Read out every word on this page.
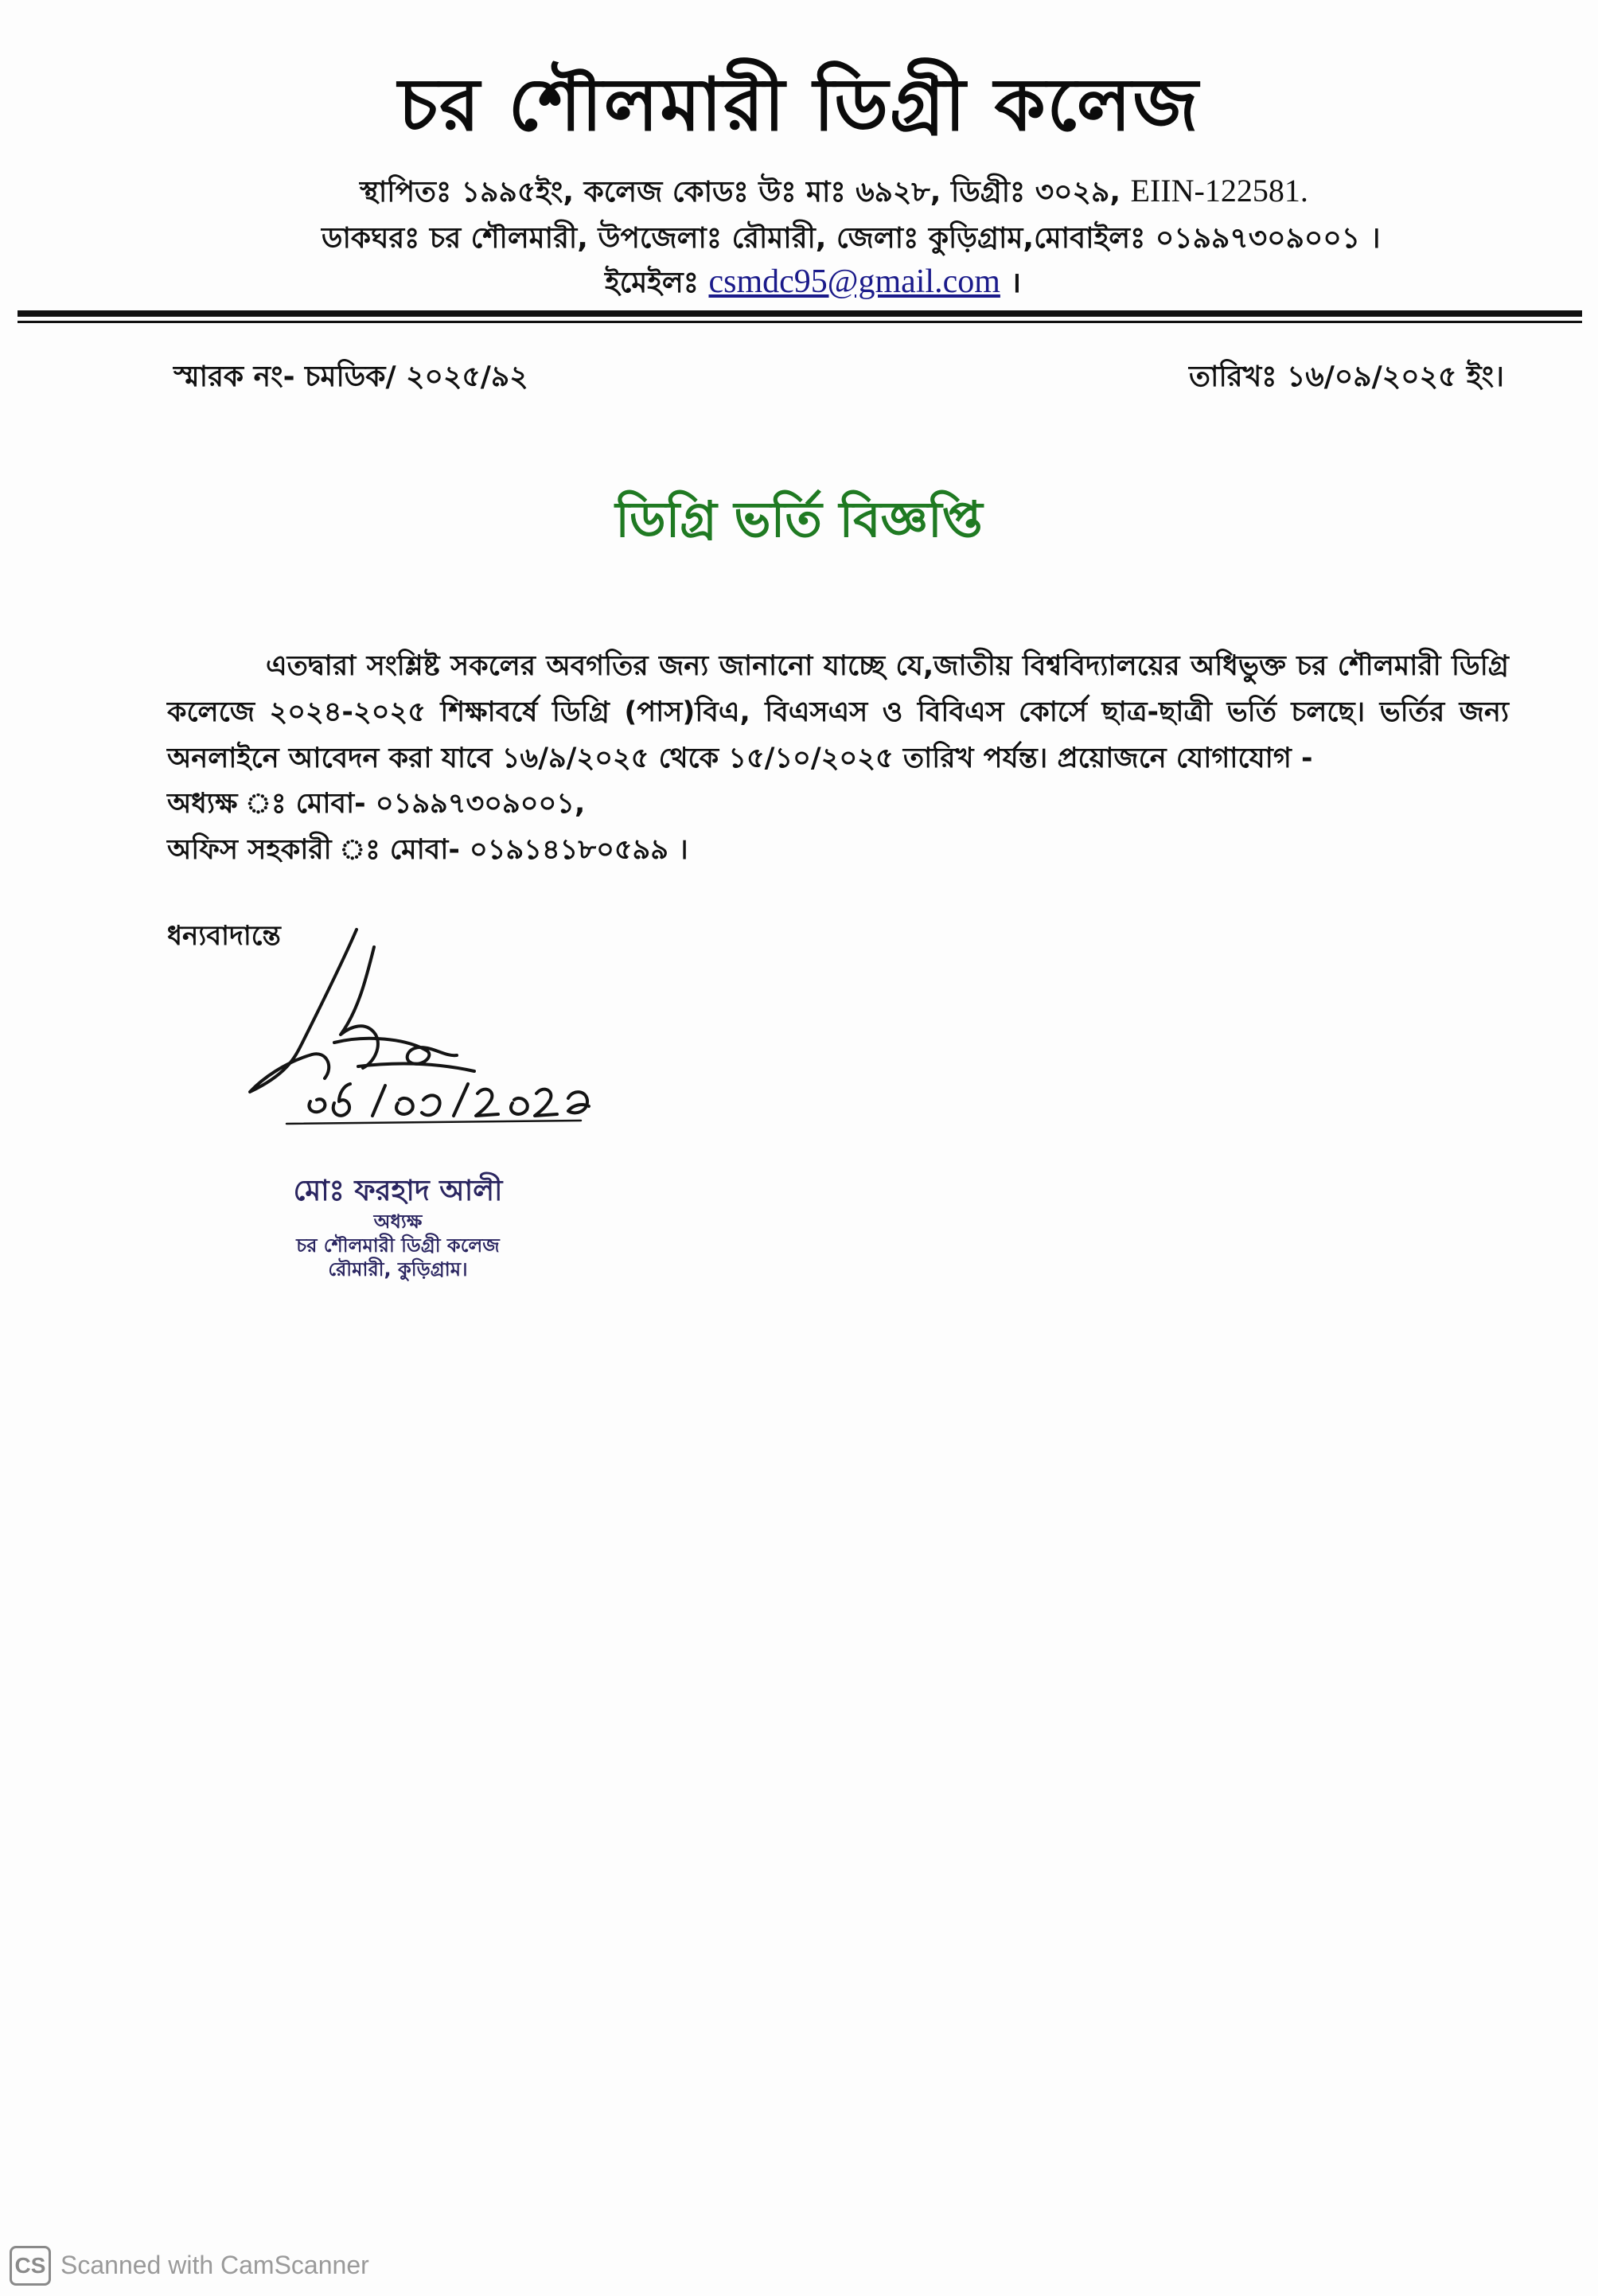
চর শৌলমারী ডিগ্রী কলেজ
স্থাপিতঃ ১৯৯৫ইং, কলেজ কোডঃ উঃ মাঃ ৬৯২৮, ডিগ্রীঃ ৩০২৯, EIIN-122581.
ডাকঘরঃ চর শৌলমারী, উপজেলাঃ রৌমারী, জেলাঃ কুড়িগ্রাম,মোবাইলঃ ০১৯৯৭৩০৯০০১ ।
ইমেইলঃ csmdc95@gmail.com ।
স্মারক নং- চমডিক/ ২০২৫/৯২	তারিখঃ ১৬/০৯/২০২৫ ইং।
ডিগ্রি ভর্তি বিজ্ঞপ্তি
এতদ্বারা সংশ্লিষ্ট সকলের অবগতির জন্য জানানো যাচ্ছে যে,জাতীয় বিশ্ববিদ্যালয়ের অধিভুক্ত চর শৌলমারী ডিগ্রি কলেজে ২০২৪-২০২৫ শিক্ষাবর্ষে ডিগ্রি (পাস)বিএ, বিএসএস ও বিবিএস কোর্সে ছাত্র-ছাত্রী ভর্তি চলছে। ভর্তির জন্য অনলাইনে আবেদন করা যাবে ১৬/৯/২০২৫ থেকে ১৫/১০/২০২৫ তারিখ পর্যন্ত। প্রয়োজনে যোগাযোগ -
অধ্যক্ষ ঃ মোবা- ০১৯৯৭৩০৯০০১,
অফিস সহকারী ঃ মোবা- ০১৯১৪১৮০৫৯৯ ।
ধন্যবাদান্তে
মোঃ ফরহাদ আলী
অধ্যক্ষ
চর শৌলমারী ডিগ্রী কলেজ
রৌমারী, কুড়িগ্রাম।
CS Scanned with CamScanner
